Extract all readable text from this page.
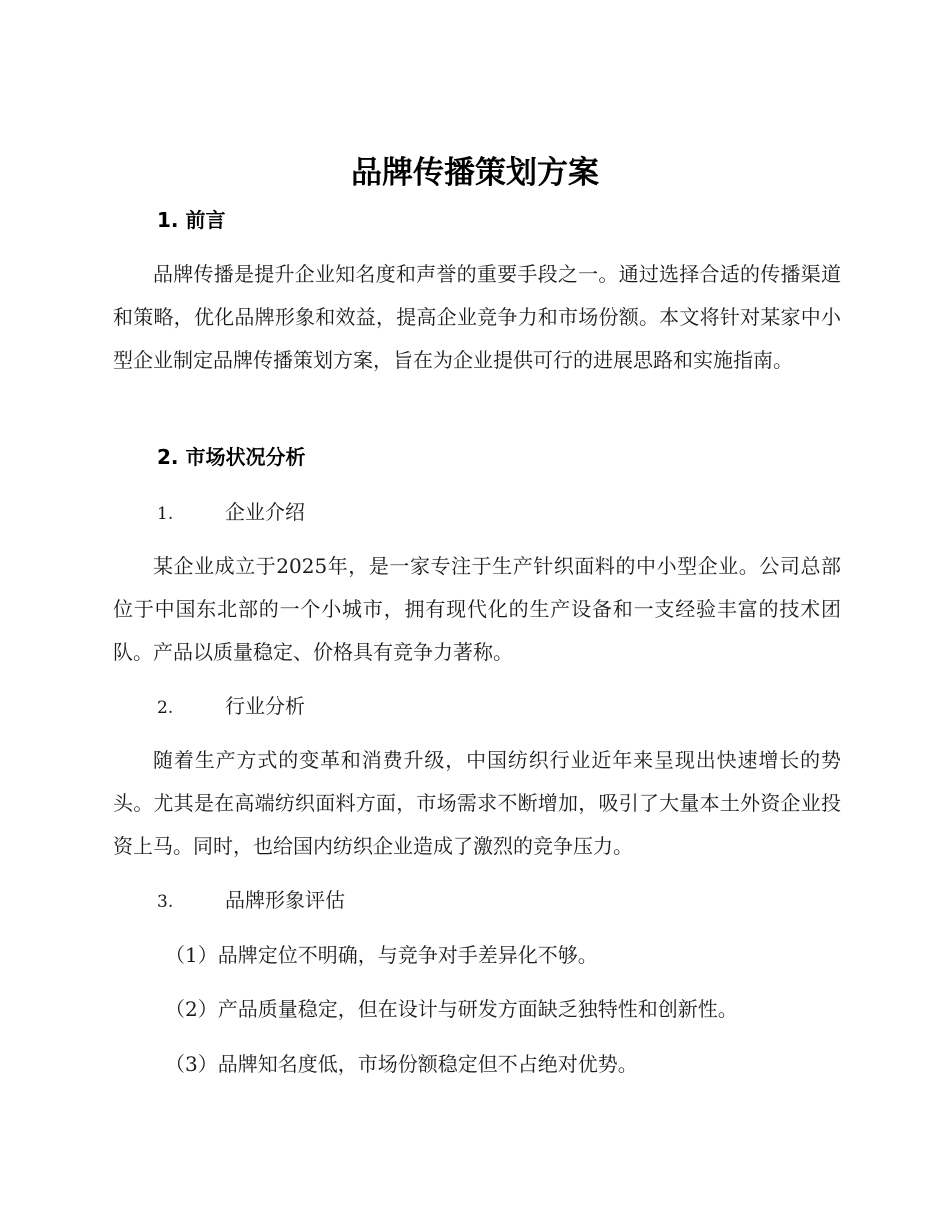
品牌传播策划方案
1. 前言

品牌传播是提升企业知名度和声誉的重要手段之一。通过选择合适的传播渠道和策略，优化品牌形象和效益，提高企业竞争力和市场份额。本文将针对某家中小型企业制定品牌传播策划方案，旨在为企业提供可行的进展思路和实施指南。

2. 市场状况分析
1.	企业介绍

某企业成立于2025年，是一家专注于生产针织面料的中小型企业。公司总部位于中国东北部的一个小城市，拥有现代化的生产设备和一支经验丰富的技术团队。产品以质量稳定、价格具有竞争力著称。

2.	行业分析

随着生产方式的变革和消费升级，中国纺织行业近年来呈现出快速增长的势头。尤其是在高端纺织面料方面，市场需求不断增加，吸引了大量本土外资企业投资上马。同时，也给国内纺织企业造成了激烈的竞争压力。

3.	品牌形象评估
（1）品牌定位不明确，与竞争对手差异化不够。
（2）产品质量稳定，但在设计与研发方面缺乏独特性和创新性。
（3）品牌知名度低，市场份额稳定但不占绝对优势。
